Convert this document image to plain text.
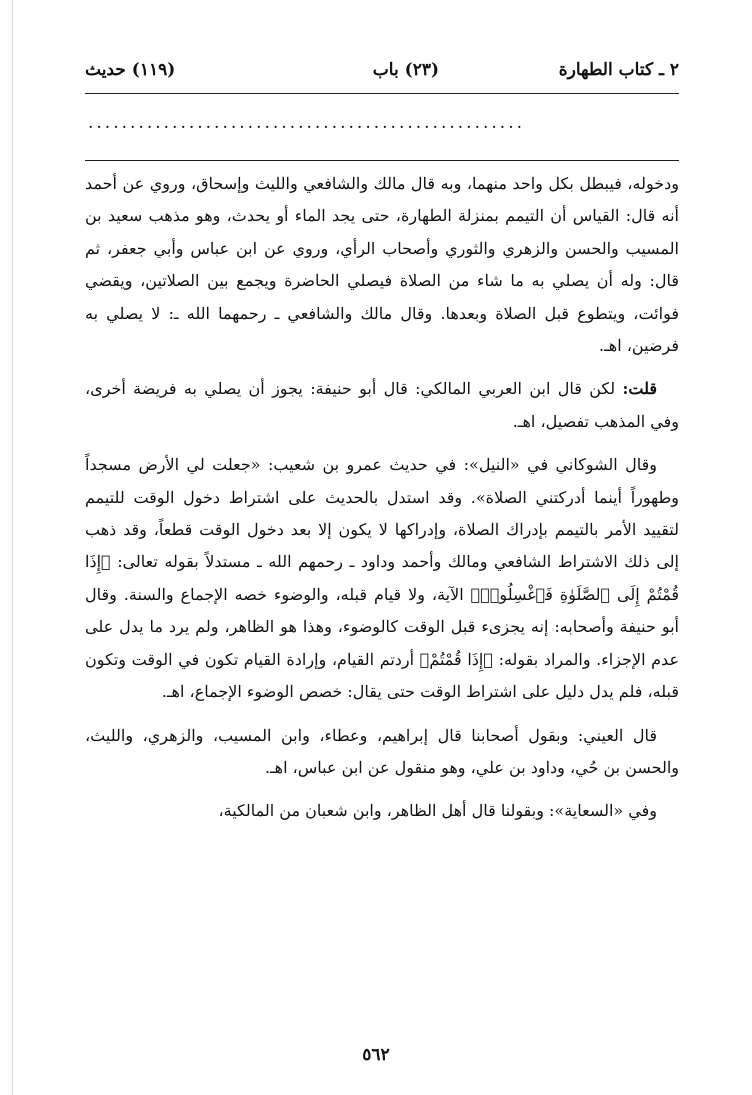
٢ ـ كتاب الطهارة
(٢٣) باب
(١١٩) حديث
....................................................

ودخوله، فيبطل بكل واحد منهما، وبه قال مالك والشافعي والليث وإسحاق، وروي عن أحمد أنه قال: القياس أن التيمم بمنزلة الطهارة، حتى يجد الماء أو يحدث، وهو مذهب سعيد بن المسيب والحسن والزهري والثوري وأصحاب الرأي، وروي عن ابن عباس وأبي جعفر، ثم قال: وله أن يصلي به ما شاء من الصلاة فيصلي الحاضرة ويجمع بين الصلاتين، ويقضي فوائت، ويتطوع قبل الصلاة وبعدها. وقال مالك والشافعي ـ رحمهما الله ـ: لا يصلي به فرضين، اهـ.

قلت: لكن قال ابن العربي المالكي: قال أبو حنيفة: يجوز أن يصلي به فريضة أخرى، وفي المذهب تفصيل، اهـ.

وقال الشوكاني في «النيل»: في حديث عمرو بن شعيب: «جعلت لي الأرض مسجداً وطهوراً أينما أدركتني الصلاة». وقد استدل بالحديث على اشتراط دخول الوقت للتيمم لتقييد الأمر بالتيمم بإدراك الصلاة، وإدراكها لا يكون إلا بعد دخول الوقت قطعاً، وقد ذهب إلى ذلك الاشتراط الشافعي ومالك وأحمد وداود ـ رحمهم الله ـ مستدلاً بقوله تعالى: ﴿إِذَا قُمْتُمْ إِلَى ٱلصَّلَوٰةِ فَٱغْسِلُوا۟﴾ الآية، ولا قيام قبله، والوضوء خصه الإجماع والسنة. وقال أبو حنيفة وأصحابه: إنه يجزىء قبل الوقت كالوضوء، وهذا هو الظاهر، ولم يرد ما يدل على عدم الإجزاء. والمراد بقوله: ﴿إِذَا قُمْتُمْ﴾ أردتم القيام، وإرادة القيام تكون في الوقت وتكون قبله، فلم يدل دليل على اشتراط الوقت حتى يقال: خصص الوضوء الإجماع، اهـ.

قال العيني: وبقول أصحابنا قال إبراهيم، وعطاء، وابن المسيب، والزهري، والليث، والحسن بن حُي، وداود بن علي، وهو منقول عن ابن عباس، اهـ.

وفي «السعاية»: وبقولنا قال أهل الظاهر، وابن شعبان من المالكية،

٥٦٢
